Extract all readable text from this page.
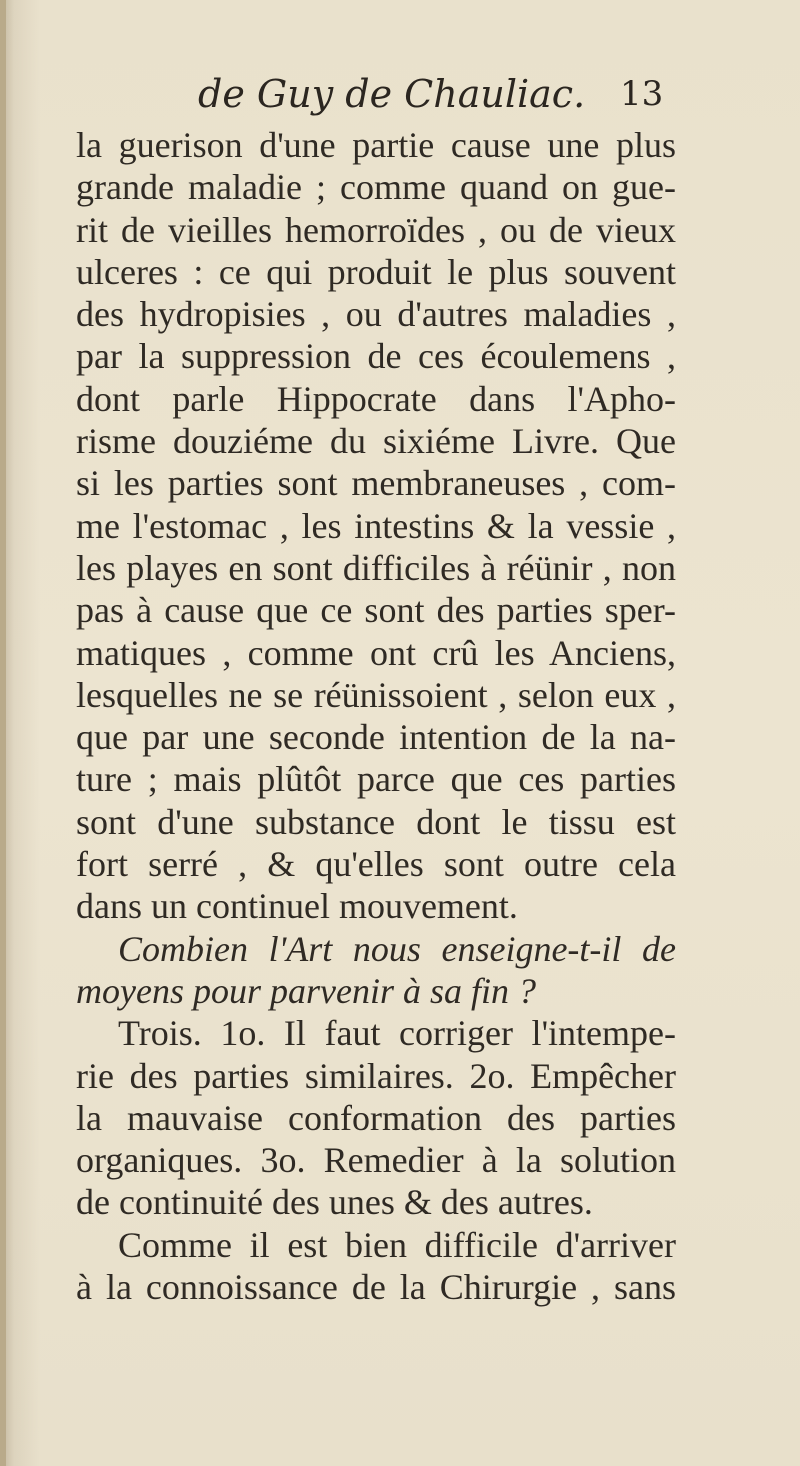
de Guy de Chauliac. 13
la guerison d'une partie cause une plus
grande maladie ; comme quand on gue-
rit de vieilles hemorroïdes , ou de vieux
ulceres : ce qui produit le plus souvent
des hydropisies , ou d'autres maladies ,
par la suppression de ces écoulemens ,
dont parle Hippocrate dans l'Apho-
risme douziéme du sixiéme Livre. Que
si les parties sont membraneuses , com-
me l'estomac , les intestins & la vessie ,
les playes en sont difficiles à réünir , non
pas à cause que ce sont des parties sper-
matiques , comme ont crû les Anciens,
lesquelles ne se réünissoient , selon eux ,
que par une seconde intention de la na-
ture ; mais plûtôt parce que ces parties
sont d'une substance dont le tissu est
fort serré , & qu'elles sont outre cela
dans un continuel mouvement.
Combien l'Art nous enseigne-t-il de
moyens pour parvenir à sa fin ?
Trois. 1o. Il faut corriger l'intempe-
rie des parties similaires. 2o. Empêcher
la mauvaise conformation des parties
organiques. 3o. Remedier à la solution
de continuité des unes & des autres.
Comme il est bien difficile d'arriver
à la connoissance de la Chirurgie , sans
